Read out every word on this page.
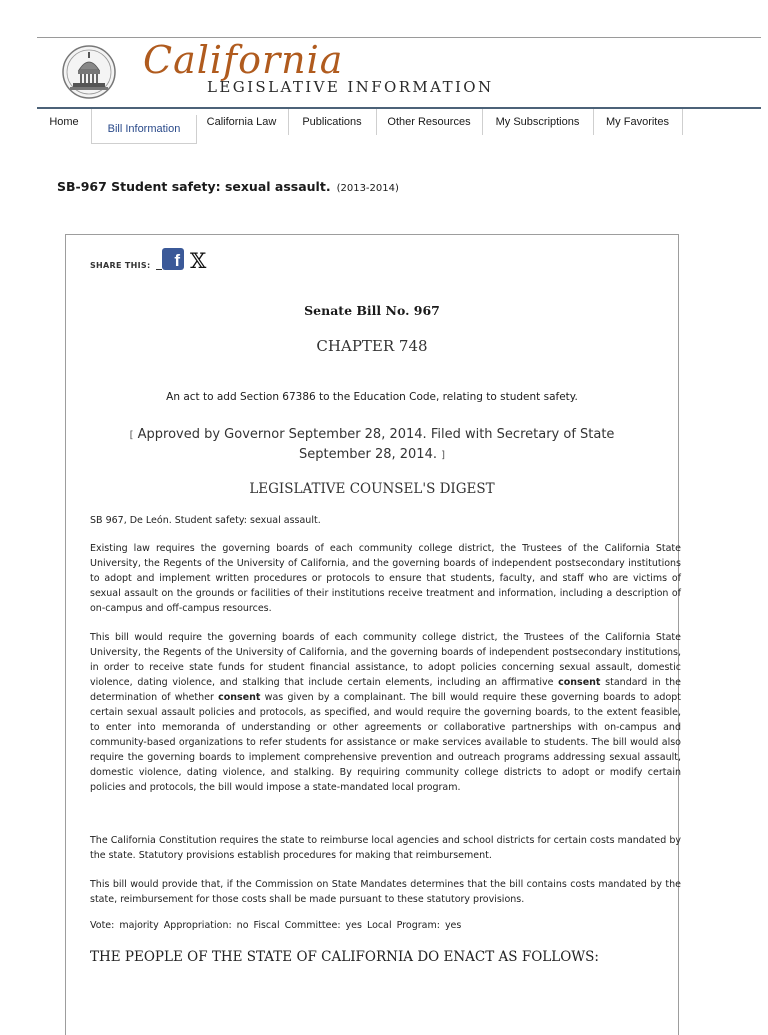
California
LEGISLATIVE INFORMATION
Home
Bill Information
California Law	Publications	Other Resources	My Subscriptions	My Favorites
SB-967 Student safety: sexual assault. (2013-2014)
SHARE THIS:	f 𝕏
Senate Bill No. 967
CHAPTER 748
An act to add Section 67386 to the Education Code, relating to student safety.
[ Approved by Governor September 28, 2014. Filed with Secretary of State September 28, 2014. ]
LEGISLATIVE COUNSEL'S DIGEST
SB 967, De León. Student safety: sexual assault.
Existing law requires the governing boards of each community college district, the Trustees of the California State University, the Regents of the University of California, and the governing boards of independent postsecondary institutions to adopt and implement written procedures or protocols to ensure that students, faculty, and staff who are victims of sexual assault on the grounds or facilities of their institutions receive treatment and information, including a description of on-campus and off-campus resources.
This bill would require the governing boards of each community college district, the Trustees of the California State University, the Regents of the University of California, and the governing boards of independent postsecondary institutions, in order to receive state funds for student financial assistance, to adopt policies concerning sexual assault, domestic violence, dating violence, and stalking that include certain elements, including an affirmative consent standard in the determination of whether consent was given by a complainant. The bill would require these governing boards to adopt certain sexual assault policies and protocols, as specified, and would require the governing boards, to the extent feasible, to enter into memoranda of understanding or other agreements or collaborative partnerships with on-campus and community-based organizations to refer students for assistance or make services available to students. The bill would also require the governing boards to implement comprehensive prevention and outreach programs addressing sexual assault, domestic violence, dating violence, and stalking. By requiring community college districts to adopt or modify certain policies and protocols, the bill would impose a state-mandated local program.
The California Constitution requires the state to reimburse local agencies and school districts for certain costs mandated by the state. Statutory provisions establish procedures for making that reimbursement.
This bill would provide that, if the Commission on State Mandates determines that the bill contains costs mandated by the state, reimbursement for those costs shall be made pursuant to these statutory provisions.
Vote: majority Appropriation: no Fiscal Committee: yes Local Program: yes
THE PEOPLE OF THE STATE OF CALIFORNIA DO ENACT AS FOLLOWS:
